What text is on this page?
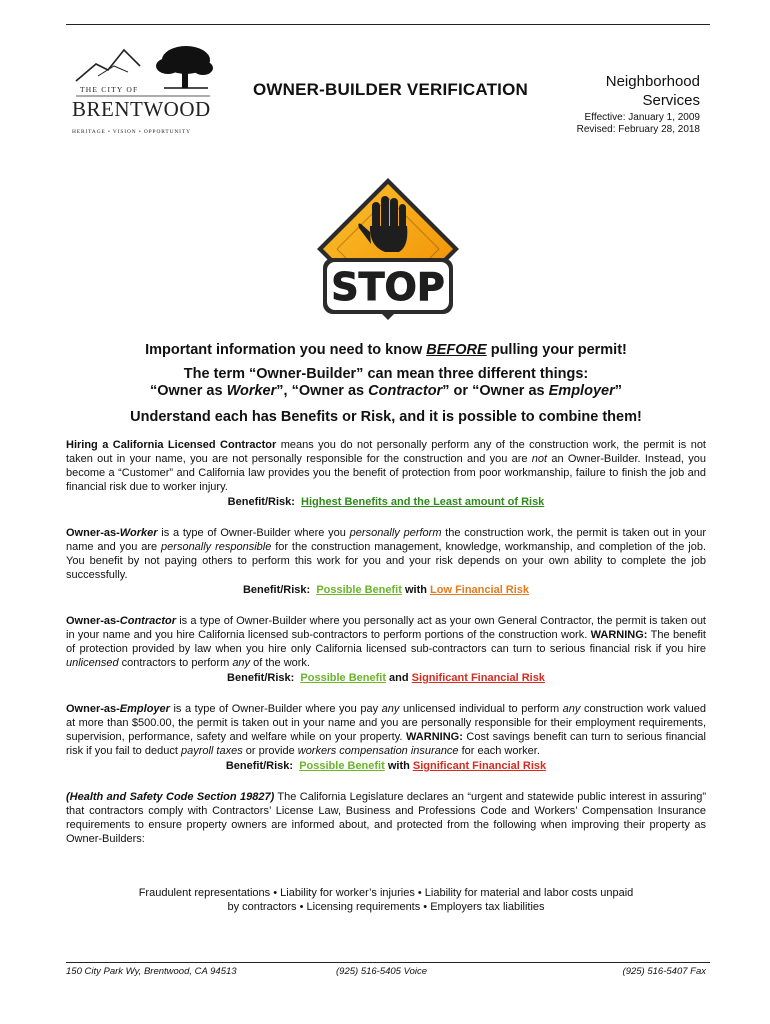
THE CITY OF
BRENTWOOD
HERITAGE • VISION • OPPORTUNITY
OWNER-BUILDER VERIFICATION	Neighborhood
Services
Effective: January 1, 2009
Revised: February 28, 2018
STOP
Important information you need to know BEFORE pulling your permit!
The term “Owner-Builder” can mean three different things:
“Owner as Worker”, “Owner as Contractor” or “Owner as Employer”
Understand each has Benefits or Risk, and it is possible to combine them!

Hiring a California Licensed Contractor means you do not personally perform any of the construction work, the permit is not taken out in your name, you are not personally responsible for the construction and you are not an Owner-Builder. Instead, you become a “Customer” and California law provides you the benefit of protection from poor workmanship, failure to finish the job and financial risk due to worker injury.

Benefit/Risk: Highest Benefits and the Least amount of Risk

Owner-as-Worker is a type of Owner-Builder where you personally perform the construction work, the permit is taken out in your name and you are personally responsible for the construction management, knowledge, workmanship, and completion of the job. You benefit by not paying others to perform this work for you and your risk depends on your own ability to complete the job successfully.

Benefit/Risk: Possible Benefit with Low Financial Risk

Owner-as-Contractor is a type of Owner-Builder where you personally act as your own General Contractor, the permit is taken out in your name and you hire California licensed sub-contractors to perform portions of the construction work. WARNING: The benefit of protection provided by law when you hire only California licensed sub-contractors can turn to serious financial risk if you hire unlicensed contractors to perform any of the work.

Benefit/Risk: Possible Benefit and Significant Financial Risk

Owner-as-Employer is a type of Owner-Builder where you pay any unlicensed individual to perform any construction work valued at more than $500.00, the permit is taken out in your name and you are personally responsible for their employment requirements, supervision, performance, safety and welfare while on your property. WARNING: Cost savings benefit can turn to serious financial risk if you fail to deduct payroll taxes or provide workers compensation insurance for each worker.

Benefit/Risk: Possible Benefit with Significant Financial Risk

(Health and Safety Code Section 19827) The California Legislature declares an “urgent and statewide public interest in assuring” that contractors comply with Contractors’ License Law, Business and Professions Code and Workers’ Compensation Insurance requirements to ensure property owners are informed about, and protected from the following when improving their property as Owner-Builders:

Fraudulent representations • Liability for worker’s injuries • Liability for material and labor costs unpaid
by contractors • Licensing requirements • Employers tax liabilities
150 City Park Wy, Brentwood, CA 94513	(925) 516-5405 Voice	(925) 516-5407 Fax
